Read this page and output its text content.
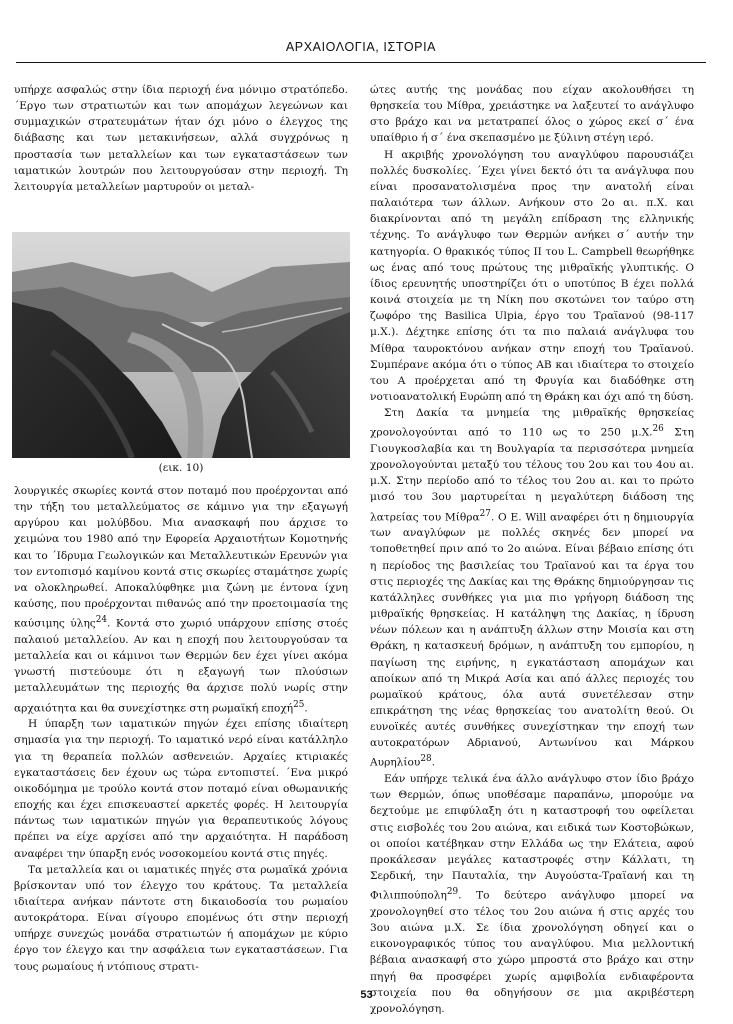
ΑΡΧΑΙΟΛΟΓΙΑ, ΙΣΤΟΡΙΑ

υπήρχε ασφαλώς στην ίδια περιοχή ένα μόνιμο στρατόπεδο. ΄Εργο των στρατιωτών και των απομάχων λεγεώνων και συμμαχικών στρατευμάτων ήταν όχι μόνο ο έλεγχος της διάβασης και των μετακινήσεων, αλλά συγχρόνως η προστασία των μεταλλείων και των εγκαταστάσεων των ιαματικών λουτρών που λειτουργούσαν στην περιοχή. Τη λειτουργία μεταλλείων μαρτυρούν οι μεταλ-

(εικ. 10)

λουργικές σκωρίες κοντά στον ποταμό που προέρχονται από την τήξη του μεταλλεύματος σε κάμινο για την εξαγωγή αργύρου και μολύβδου. Μια ανασκαφή που άρχισε το χειμώνα του 1980 από την Εφορεία Αρχαιοτήτων Κομοτηνής και το ΄Ιδρυμα Γεωλογικών και Μεταλλευτικών Ερευνών για τον εντοπισμό καμίνου κοντά στις σκωρίες σταμάτησε χωρίς να ολοκληρωθεί. Αποκαλύφθηκε μια ζώνη με έντονα ίχνη καύσης, που προέρχονται πιθανώς από την προετοιμασία της καύσιμης ύλης$^{24}$. Κοντά στο χωριό υπάρχουν επίσης στοές παλαιού μεταλλείου. Αν και η εποχή που λειτουργούσαν τα μεταλλεία και οι κάμινοι των Θερμών δεν έχει γίνει ακόμα γνωστή πιστεύουμε ότι η εξαγωγή των πλούσιων μεταλλευμάτων της περιοχής θα άρχισε πολύ νωρίς στην αρχαιότητα και θα συνεχίστηκε στη ρωμαϊκή εποχή$^{25}$.

Η ύπαρξη των ιαματικών πηγών έχει επίσης ιδιαίτερη σημασία για την περιοχή. Το ιαματικό νερό είναι κατάλληλο για τη θεραπεία πολλών ασθενειών. Αρχαίες κτιριακές εγκαταστάσεις δεν έχουν ως τώρα εντοπιστεί. ΄Ενα μικρό οικοδόμημα με τρούλο κοντά στον ποταμό είναι οθωμανικής εποχής και έχει επισκευαστεί αρκετές φορές. Η λειτουργία πάντως των ιαματικών πηγών για θεραπευτικούς λόγους πρέπει να είχε αρχίσει από την αρχαιότητα. Η παράδοση αναφέρει την ύπαρξη ενός νοσοκομείου κοντά στις πηγές.

Τα μεταλλεία και οι ιαματικές πηγές στα ρωμαϊκά χρόνια βρίσκονταν υπό τον έλεγχο του κράτους. Τα μεταλλεία ιδιαίτερα ανήκαν πάντοτε στη δικαιοδοσία του ρωμαίου αυτοκράτορα. Είναι σίγουρο επομένως ότι στην περιοχή υπήρχε συνεχώς μονάδα στρατιωτών ή απομάχων με κύριο έργο τον έλεγχο και την ασφάλεια των εγκαταστάσεων. Για τους ρωμαίους ή ντόπιους στρατι-

ώτες αυτής της μονάδας που είχαν ακολουθήσει τη θρησκεία του Μίθρα, χρειάστηκε να λαξευτεί το ανάγλυφο στο βράχο και να μετατραπεί όλος ο χώρος εκεί σ΄ ένα υπαίθριο ή σ΄ ένα σκεπασμένο με ξύλινη στέγη ιερό.

Η ακριβής χρονολόγηση του αναγλύφου παρουσιάζει πολλές δυσκολίες. ΄Εχει γίνει δεκτό ότι τα ανάγλυφα που είναι προσανατολισμένα προς την ανατολή είναι παλαιότερα των άλλων. Ανήκουν στο 2ο αι. π.Χ. και διακρίνονται από τη μεγάλη επίδραση της ελληνικής τέχνης. Το ανάγλυφο των Θερμών ανήκει σ΄ αυτήν την κατηγορία. Ο θρακικός τύπος ΙΙ του L. Campbell θεωρήθηκε ως ένας από τους πρώτους της μιθραϊκής γλυπτικής. Ο ίδιος ερευνητής υποστηρίζει ότι ο υποτύπος Β έχει πολλά κοινά στοιχεία με τη Νίκη που σκοτώνει τον ταύρο στη ζωφόρο της Basilica Ulpia, έργο του Τραϊανού (98-117 μ.Χ.). Δέχτηκε επίσης ότι τα πιο παλαιά ανάγλυφα του Μίθρα ταυροκτόνου ανήκαν στην εποχή του Τραϊανού. Συμπέρανε ακόμα ότι ο τύπος ΑΒ και ιδιαίτερα το στοιχείο του Α προέρχεται από τη Φρυγία και διαδόθηκε στη νοτιοανατολική Ευρώπη από τη Θράκη και όχι από τη δύση.

Στη Δακία τα μνημεία της μιθραϊκής θρησκείας χρονολογούνται από το 110 ως το 250 μ.Χ.$^{26}$ Στη Γιουγκοσλαβία και τη Βουλγαρία τα περισσότερα μνημεία χρονολογούνται μεταξύ του τέλους του 2ου και του 4ου αι. μ.Χ. Στην περίοδο από το τέλος του 2ου αι. και το πρώτο μισό του 3ου μαρτυρείται η μεγαλύτερη διάδοση της λατρείας του Μίθρα$^{27}$. Ο E. Will αναφέρει ότι η δημιουργία των αναγλύφων με πολλές σκηνές δεν μπορεί να τοποθετηθεί πριν από το 2ο αιώνα. Είναι βέβαιο επίσης ότι η περίοδος της βασιλείας του Τραϊανού και τα έργα του στις περιοχές της Δακίας και της Θράκης δημιούργησαν τις κατάλληλες συνθήκες για μια πιο γρήγορη διάδοση της μιθραϊκής θρησκείας. Η κατάληψη της Δακίας, η ίδρυση νέων πόλεων και η ανάπτυξη άλλων στην Μοισία και στη Θράκη, η κατασκευή δρόμων, η ανάπτυξη του εμπορίου, η παγίωση της ειρήνης, η εγκατάσταση απομάχων και αποίκων από τη Μικρά Ασία και από άλλες περιοχές του ρωμαϊκού κράτους, όλα αυτά συνετέλεσαν στην επικράτηση της νέας θρησκείας του ανατολίτη θεού. Οι ευνοϊκές αυτές συνθήκες συνεχίστηκαν την εποχή των αυτοκρατόρων Αδριανού, Αντωνίνου και Μάρκου Αυρηλίου$^{28}$.

Εάν υπήρχε τελικά ένα άλλο ανάγλυφο στον ίδιο βράχο των Θερμών, όπως υποθέσαμε παραπάνω, μπορούμε να δεχτούμε με επιφύλαξη ότι η καταστροφή του οφείλεται στις εισβολές του 2ου αιώνα, και ειδικά των Κοστοβώκων, οι οποίοι κατέβηκαν στην Ελλάδα ως την Ελάτεια, αφού προκάλεσαν μεγάλες καταστροφές στην Κάλλατι, τη Σερδική, την Παυταλία, την Αυγούστα-Τραϊανή και τη Φιλιππούπολη$^{29}$. Το δεύτερο ανάγλυφο μπορεί να χρονολογηθεί στο τέλος του 2ου αιώνα ή στις αρχές του 3ου αιώνα μ.Χ. Σε ίδια χρονολόγηση οδηγεί και ο εικονογραφικός τύπος του αναγλύφου. Μια μελλοντική βέβαια ανασκαφή στο χώρο μπροστά στο βράχο και στην πηγή θα προσφέρει χωρίς αμφιβολία ενδιαφέροντα στοιχεία που θα οδηγήσουν σε μια ακριβέστερη χρονολόγηση.

53
